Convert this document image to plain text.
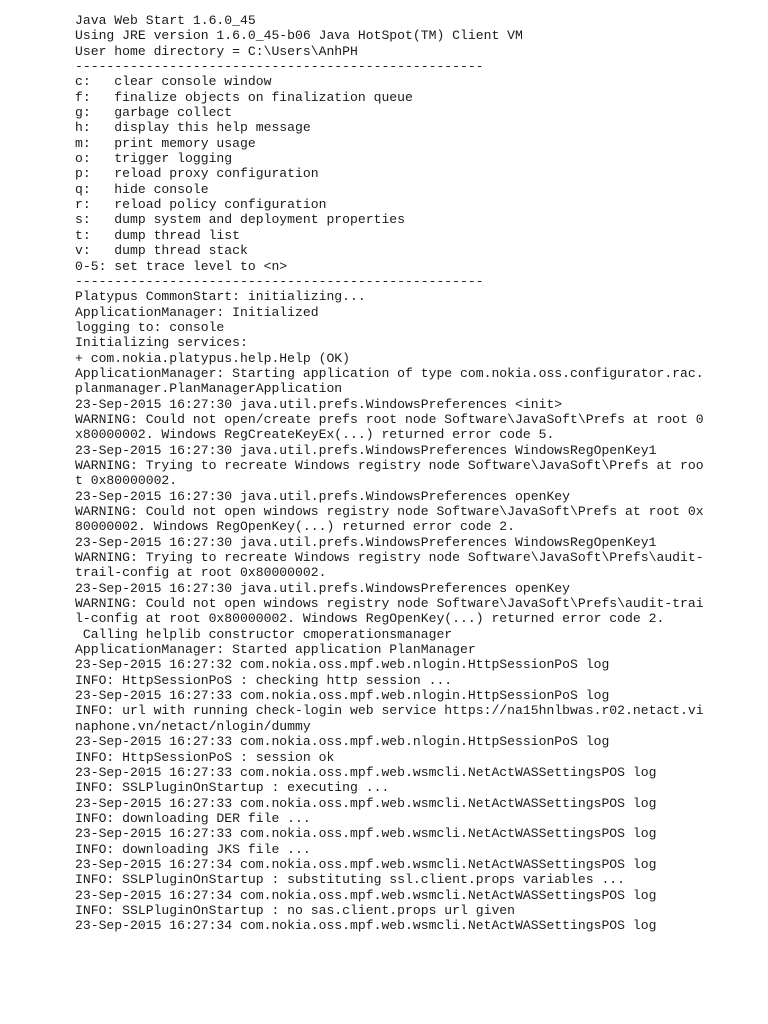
Java Web Start 1.6.0_45
Using JRE version 1.6.0_45-b06 Java HotSpot(TM) Client VM
User home directory = C:\Users\AnhPH
----------------------------------------------------
c:   clear console window
f:   finalize objects on finalization queue
g:   garbage collect
h:   display this help message
m:   print memory usage
o:   trigger logging
p:   reload proxy configuration
q:   hide console
r:   reload policy configuration
s:   dump system and deployment properties
t:   dump thread list
v:   dump thread stack
0-5: set trace level to <n>
----------------------------------------------------
Platypus CommonStart: initializing...
ApplicationManager: Initialized
logging to: console
Initializing services:
+ com.nokia.platypus.help.Help (OK)
ApplicationManager: Starting application of type com.nokia.oss.configurator.rac.
planmanager.PlanManagerApplication
23-Sep-2015 16:27:30 java.util.prefs.WindowsPreferences <init>
WARNING: Could not open/create prefs root node Software\JavaSoft\Prefs at root 0
x80000002. Windows RegCreateKeyEx(...) returned error code 5.
23-Sep-2015 16:27:30 java.util.prefs.WindowsPreferences WindowsRegOpenKey1
WARNING: Trying to recreate Windows registry node Software\JavaSoft\Prefs at roo
t 0x80000002.
23-Sep-2015 16:27:30 java.util.prefs.WindowsPreferences openKey
WARNING: Could not open windows registry node Software\JavaSoft\Prefs at root 0x
80000002. Windows RegOpenKey(...) returned error code 2.
23-Sep-2015 16:27:30 java.util.prefs.WindowsPreferences WindowsRegOpenKey1
WARNING: Trying to recreate Windows registry node Software\JavaSoft\Prefs\audit-
trail-config at root 0x80000002.
23-Sep-2015 16:27:30 java.util.prefs.WindowsPreferences openKey
WARNING: Could not open windows registry node Software\JavaSoft\Prefs\audit-trai
l-config at root 0x80000002. Windows RegOpenKey(...) returned error code 2.
Calling helplib constructor cmoperationsmanager
ApplicationManager: Started application PlanManager
23-Sep-2015 16:27:32 com.nokia.oss.mpf.web.nlogin.HttpSessionPoS log
INFO: HttpSessionPoS : checking http session ...
23-Sep-2015 16:27:33 com.nokia.oss.mpf.web.nlogin.HttpSessionPoS log
INFO: url with running check-login web service https://na15hnlbwas.r02.netact.vi
naphone.vn/netact/nlogin/dummy
23-Sep-2015 16:27:33 com.nokia.oss.mpf.web.nlogin.HttpSessionPoS log
INFO: HttpSessionPoS : session ok
23-Sep-2015 16:27:33 com.nokia.oss.mpf.web.wsmcli.NetActWASSettingsPOS log
INFO: SSLPluginOnStartup : executing ...
23-Sep-2015 16:27:33 com.nokia.oss.mpf.web.wsmcli.NetActWASSettingsPOS log
INFO: downloading DER file ...
23-Sep-2015 16:27:33 com.nokia.oss.mpf.web.wsmcli.NetActWASSettingsPOS log
INFO: downloading JKS file ...
23-Sep-2015 16:27:34 com.nokia.oss.mpf.web.wsmcli.NetActWASSettingsPOS log
INFO: SSLPluginOnStartup : substituting ssl.client.props variables ...
23-Sep-2015 16:27:34 com.nokia.oss.mpf.web.wsmcli.NetActWASSettingsPOS log
INFO: SSLPluginOnStartup : no sas.client.props url given
23-Sep-2015 16:27:34 com.nokia.oss.mpf.web.wsmcli.NetActWASSettingsPOS log
